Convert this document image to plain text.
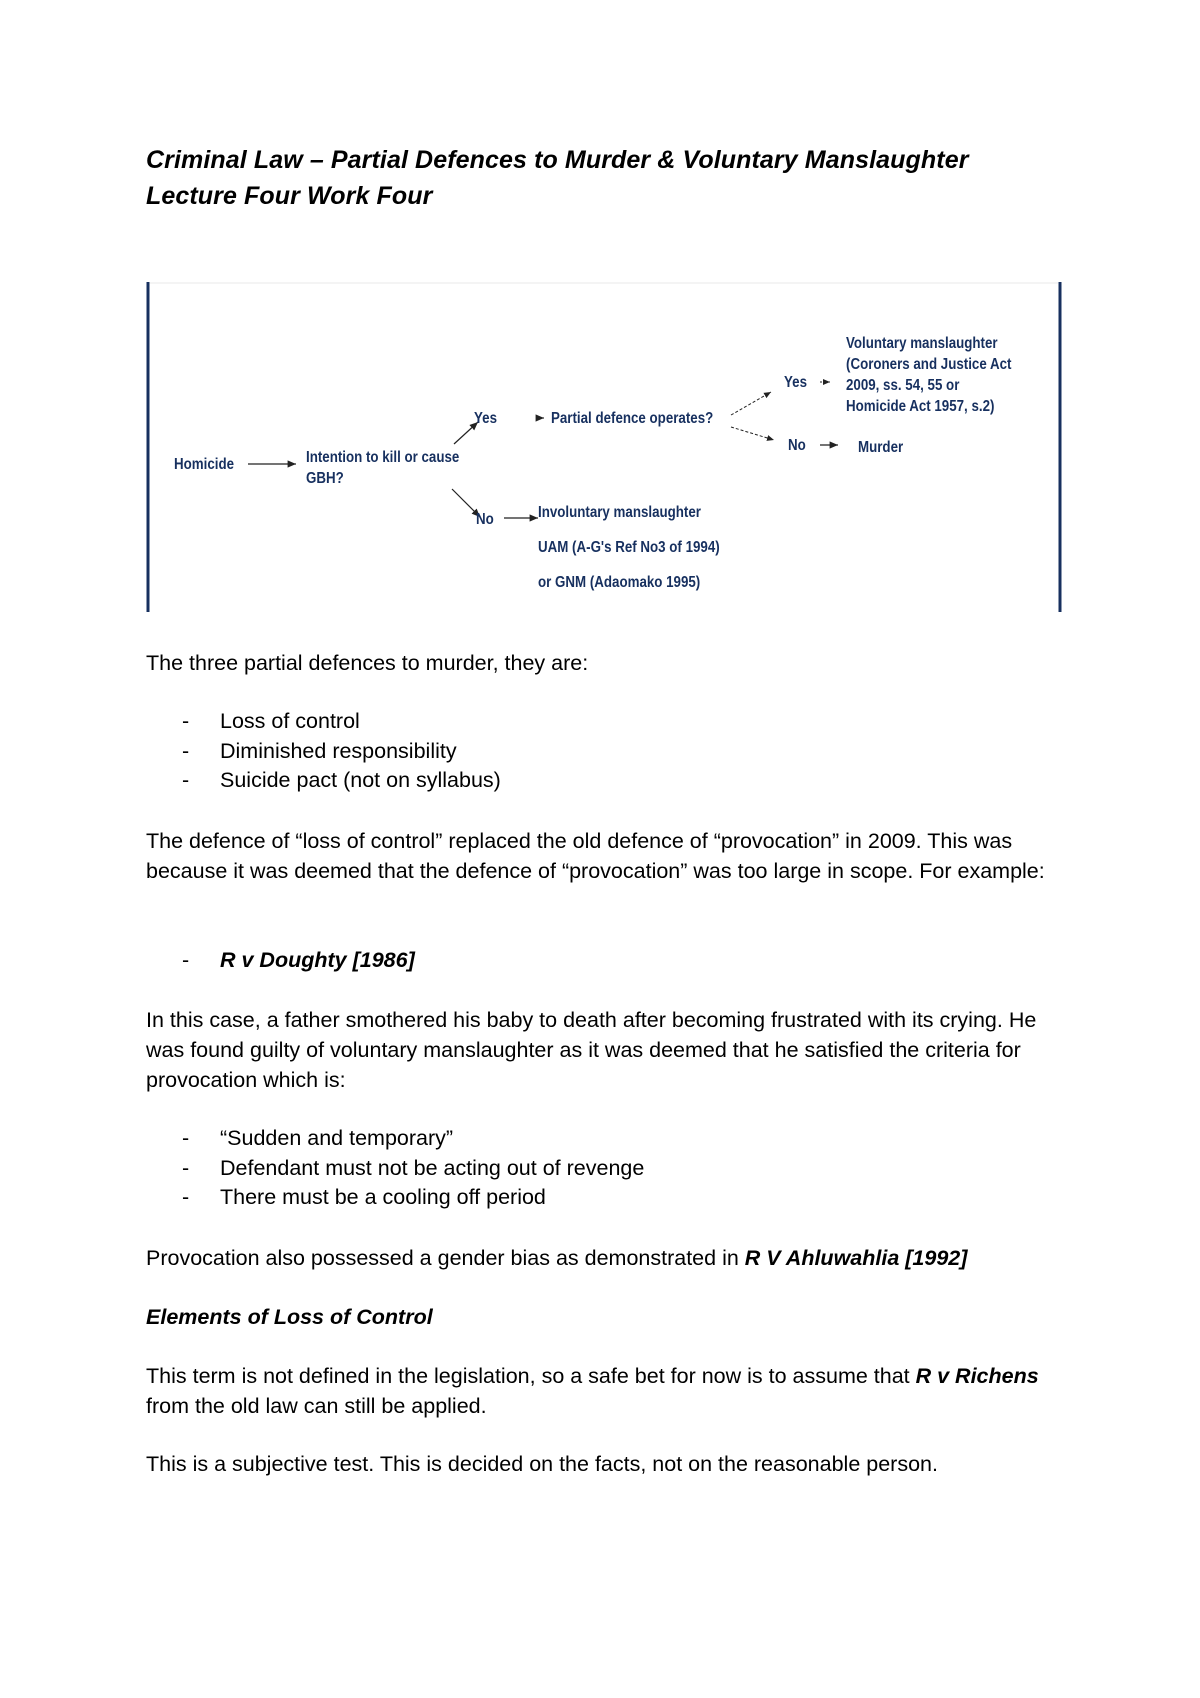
Criminal Law – Partial Defences to Murder & Voluntary Manslaughter
Lecture Four Work Four
Homicide	Intention to kill or cause
GBH?
Yes	Partial defence operates?
Yes
Voluntary manslaughter
(Coroners and Justice Act
2009, ss. 54, 55 or
Homicide Act 1957, s.2)
No	Murder
No	Involuntary manslaughter
UAM (A-G's Ref No3 of 1994)
or GNM (Adaomako 1995)

The three partial defences to murder, they are:

- Loss of control
- Diminished responsibility
- Suicide pact (not on syllabus)

The defence of “loss of control” replaced the old defence of “provocation” in 2009. This was because it was deemed that the defence of “provocation” was too large in scope. For example:

- R v Doughty [1986]

In this case, a father smothered his baby to death after becoming frustrated with its crying. He was found guilty of voluntary manslaughter as it was deemed that he satisfied the criteria for provocation which is:

- “Sudden and temporary”
- Defendant must not be acting out of revenge
- There must be a cooling off period

Provocation also possessed a gender bias as demonstrated in R V Ahluwahlia [1992]

Elements of Loss of Control

This term is not defined in the legislation, so a safe bet for now is to assume that R v Richens from the old law can still be applied.

This is a subjective test. This is decided on the facts, not on the reasonable person.
